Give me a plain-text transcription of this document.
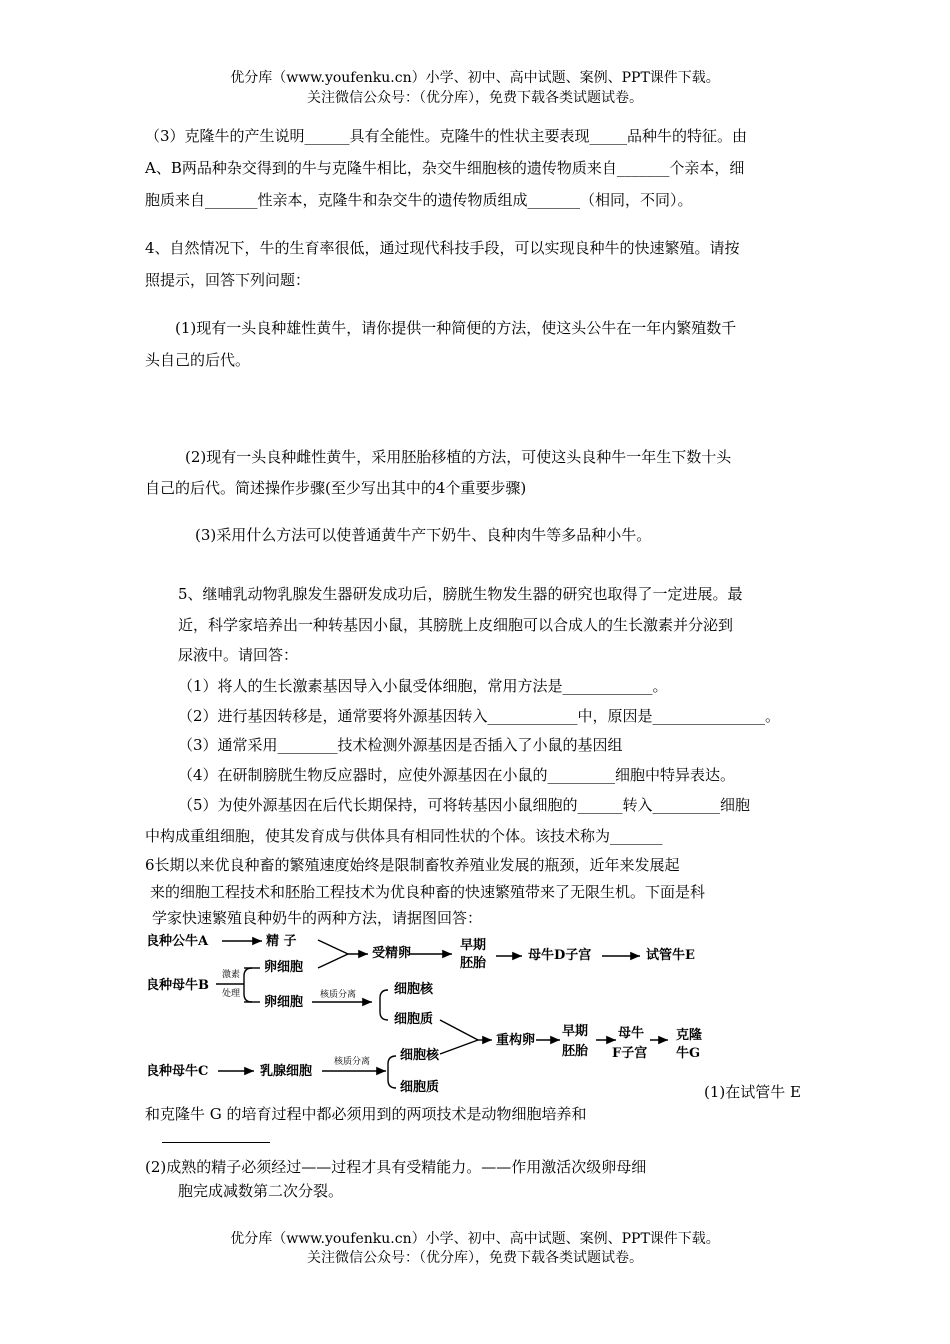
优分库（www.youfenku.cn）小学、初中、高中试题、案例、PPT课件下载。
关注微信公众号：（优分库），免费下载各类试题试卷。
（3）克隆牛的产生说明______具有全能性。克隆牛的性状主要表现_____品种牛的特征。由
A、B两品种杂交得到的牛与克隆牛相比，杂交牛细胞核的遗传物质来自_______个亲本，细
胞质来自_______性亲本，克隆牛和杂交牛的遗传物质组成_______（相同，不同）。
4、自然情况下，牛的生育率很低，通过现代科技手段，可以实现良种牛的快速繁殖。请按
照提示，回答下列问题：
(1)现有一头良种雄性黄牛，请你提供一种简便的方法，使这头公牛在一年内繁殖数千
头自己的后代。
(2)现有一头良种雌性黄牛，采用胚胎移植的方法，可使这头良种牛一年生下数十头
自己的后代。简述操作步骤(至少写出其中的4个重要步骤)
(3)采用什么方法可以使普通黄牛产下奶牛、良种肉牛等多品种小牛。
5、继哺乳动物乳腺发生器研发成功后，膀胱生物发生器的研究也取得了一定进展。最
近，科学家培养出一种转基因小鼠，其膀胱上皮细胞可以合成人的生长激素并分泌到
尿液中。请回答：
（1）将人的生长激素基因导入小鼠受体细胞，常用方法是____________。
（2）进行基因转移是，通常要将外源基因转入____________中，原因是_______________。
（3）通常采用________技术检测外源基因是否插入了小鼠的基因组
（4）在研制膀胱生物反应器时，应使外源基因在小鼠的_________细胞中特异表达。
（5）为使外源基因在后代长期保持，可将转基因小鼠细胞的______转入_________细胞
中构成重组细胞，使其发育成与供体具有相同性状的个体。该技术称为_______
6长期以来优良种畜的繁殖速度始终是限制畜牧养殖业发展的瓶颈，近年来发展起
来的细胞工程技术和胚胎工程技术为优良种畜的快速繁殖带来了无限生机。下面是科
学家快速繁殖良种奶牛的两种方法，请据图回答：
良种公牛A	精 子
良种母牛B
激素
处理
卵细胞
卵细胞
受精卵
早期
胚胎
母牛D子宫	试管牛E
核质分离	细胞核
细胞质
重构卵
早期
胚胎
母牛
F子宫
克隆
牛G
良种母牛C	乳腺细胞
核质分离 细胞核
细胞质	(1)在试管牛 E
和克隆牛 G 的培育过程中都必须用到的两项技术是动物细胞培养和
(2)成熟的精子必须经过——过程才具有受精能力。——作用激活次级卵母细
胞完成减数第二次分裂。
优分库（www.youfenku.cn）小学、初中、高中试题、案例、PPT课件下载。
关注微信公众号：（优分库），免费下载各类试题试卷。
